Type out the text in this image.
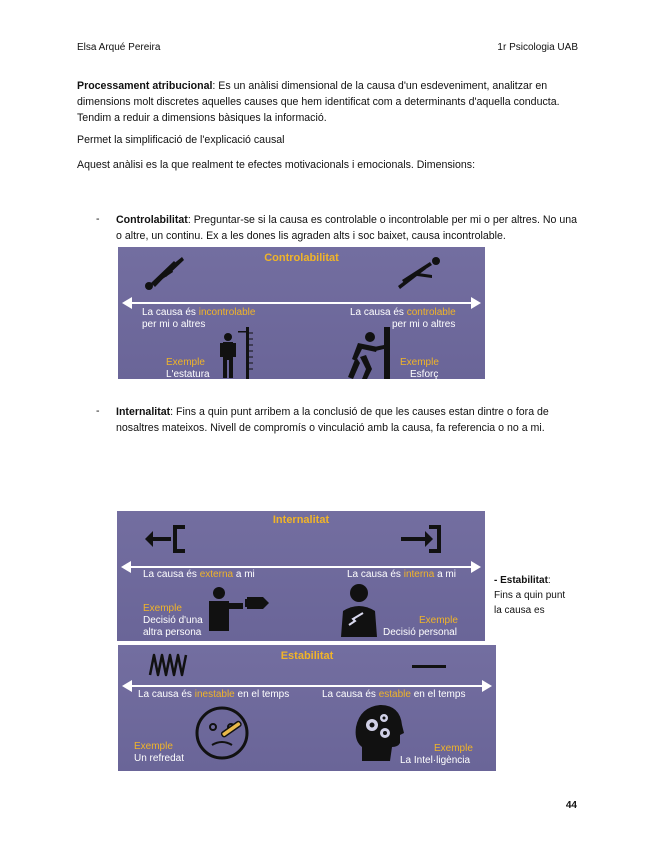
Elsa Arqué Pereira	1r Psicologia UAB
Processament atribucional: Es un anàlisi dimensional de la causa d'un esdeveniment, analitzar en dimensions molt discretes aquelles causes que hem identificat com a determinants d'aquella conducta. Tendim a reduir a dimensions bàsiques la informació.
Permet la simplificació de l'explicació causal
Aquest anàlisi es la que realment te efectes motivacionals i emocionals. Dimensions:
- Controlabilitat: Preguntar-se si la causa es controlable o incontrolable per mi o per altres. No una o altre, un continu. Ex a les dones lis agraden alts i soc baixet, causa incontrolable.
Controlabilitat
La causa és incontrolable
per mi o altres
La causa és controlable
per mi o altres
Exemple
L'estatura
Exemple
Esforç
- Internalitat: Fins a quin punt arribem a la conclusió de que les causes estan dintre o fora de nosaltres mateixos. Nivell de compromís o vinculació amb la causa, fa referencia o no a mi.
Internalitat
La causa és externa a mi	La causa és interna a mi
Exemple
Decisió d'una
altra persona
Exemple
Decisió personal
- Estabilitat:
Fins a quin punt
la causa es
Estabilitat
La causa és inestable en el temps	La causa és estable en el temps
Exemple
Un refredat
Exemple
La Intel·ligència
44
